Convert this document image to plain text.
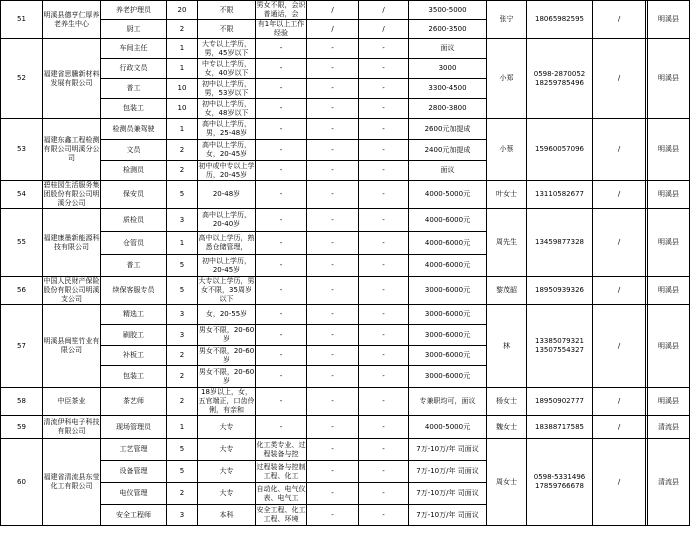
51	明溪县德亨仁厚养老养生中心	养老护理员	20	不限	男女不限，会识普通话，会	/	/	3500-5000	张宁	18065982595	/		明溪县
		厨工	2	不限	有1年以上工作经验	/	/	2600-3500					
52	福建省思騰新材料发展有限公司	车间主任	1	大专以上学历，男，45岁以下	-	-	-	面议	小郑	0598-2870052 18259785496	/		明溪县
		行政文员	1	中专以上学历，女，40岁以下	-	-	-	3000					
		普工	10	初中以上学历，男，53岁以下	-	-	-	3300-4500					
		包装工	10	初中以上学历，女，48岁以下	-	-	-	2800-3800					
53	福建东鑫工程检测有限公司明溪分公司	检测员兼驾驶	1	高中以上学历，男，25-48岁	-	-	-	2600元加提成	小蔡	15960057096	/		明溪县
		文员	2	高中以上学历，女，20-45岁	-	-	-	2400元加提成					
		检测员	2	初中或中专以上学历，20-45岁	-	-	-	面议					
54	碧桂园生活服务集团股份有限公司明溪分公司	保安员	5	20-48岁	-	-	-	4000-5000元	叶女士	13110582677	/		明溪县
55	福建康墨新能源科技有限公司	质检员	3	高中以上学历，20-40岁	-	-	-	4000-6000元	周先生	13459877328	/		明溪县
		仓管员	1	高中以上学历，熟悉仓储管理，	-	-	-	4000-6000元					
		普工	5	初中以上学历，20-45岁	-	-	-	4000-6000元					
56	中国人民财产保险股份有限公司明溪支公司	续保客服专员	5	大专以上学历，男女不限，35周岁以下	-	-	-	3000-6000元	黎茂韶	18950939326	/		明溪县
57	明溪县闽笙竹业有限公司	精选工	3	女，20-55岁	-	-	-	3000-6000元	林	13385079321 13507554327	/		明溪县
		刷胶工	3	男女不限，20-60岁	-	-	-	3000-6000元					
		补板工	2	男女不限，20-60岁	-	-	-	3000-6000元					
		包装工	2	男女不限，20-60岁	-	-	-	3000-6000元					
58	中臣茶业	茶艺师	2	18岁以上，女，五官端正，口齿伶俐，有亲和	-	-	-	专兼职均可，面议	杨女士	18950902777	/		明溪县
59	清流伊科电子科技有限公司	现场管理员	1	大专	-	-	-	4000-5000元	魏女士	18388717585	/		清流县
60	福建省清流县东莹化工有限公司	工艺管理	5	大专	化工类专业、过程装备与控	-	-	7万-10万/年 司面议	周女士	0598-5331496 17859766678	/		清流县
		设备管理	5	大专	过程装备与控制工程、化工	-	-	7万-10万/年 司面议					
		电仪管理	2	大专	自动化、电气仪表、电气工	-	-	7万-10万/年 司面议					
		安全工程师	3	本科	安全工程、化工工程、环境	-	-	7万-10万/年 司面议					
